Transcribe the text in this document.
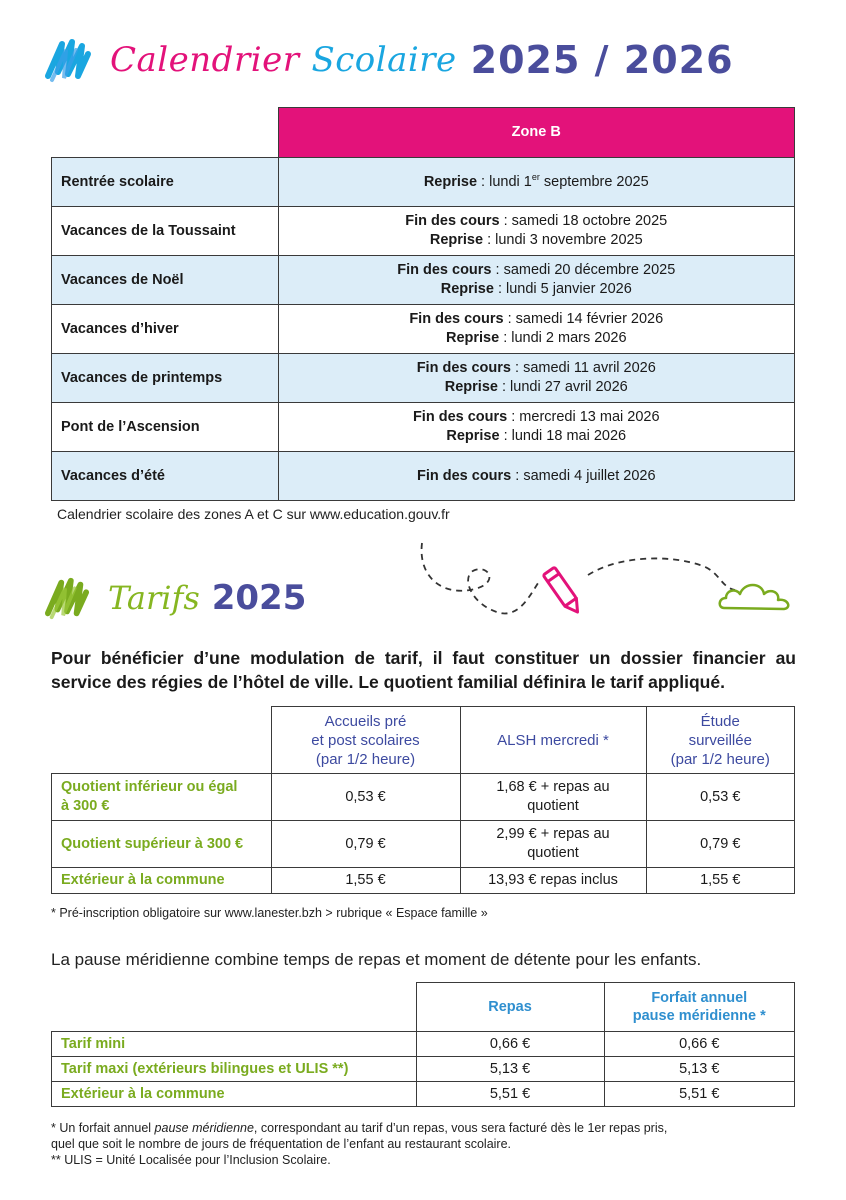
Calendrier Scolaire 2025 / 2026
	Zone B
Rentrée scolaire	Reprise : lundi 1er septembre 2025
Vacances de la Toussaint	Fin des cours : samedi 18 octobre 2025
Reprise : lundi 3 novembre 2025
Vacances de Noël	Fin des cours : samedi 20 décembre 2025
Reprise : lundi 5 janvier 2026
Vacances d’hiver	Fin des cours : samedi 14 février 2026
Reprise : lundi 2 mars 2026
Vacances de printemps	Fin des cours : samedi 11 avril 2026
Reprise : lundi 27 avril 2026
Pont de l’Ascension	Fin des cours : mercredi 13 mai 2026
Reprise : lundi 18 mai 2026
Vacances d’été	Fin des cours : samedi 4 juillet 2026
Calendrier scolaire des zones A et C sur www.education.gouv.fr
Tarifs 2025
Pour bénéficier d’une modulation de tarif, il faut constituer un dossier financier au service des régies de l’hôtel de ville. Le quotient familial définira le tarif appliqué.
	Accueils pré
et post scolaires
(par 1/2 heure)	ALSH mercredi *	Étude
surveillée
(par 1/2 heure)
Quotient inférieur ou égal
à 300 €	0,53 €	1,68 € + repas au
quotient	0,53 €
Quotient supérieur à 300 €	0,79 €	2,99 € + repas au
quotient	0,79 €
Extérieur à la commune	1,55 €	13,93 € repas inclus	1,55 €
* Pré-inscription obligatoire sur www.lanester.bzh > rubrique « Espace famille »
La pause méridienne combine temps de repas et moment de détente pour les enfants.
	Repas	Forfait annuel
pause méridienne *
Tarif mini	0,66 €	0,66 €
Tarif maxi (extérieurs bilingues et ULIS **)	5,13 €	5,13 €
Extérieur à la commune	5,51 €	5,51 €
* Un forfait annuel pause méridienne, correspondant au tarif d’un repas, vous sera facturé dès le 1er repas pris,
quel que soit le nombre de jours de fréquentation de l’enfant au restaurant scolaire.
** ULIS = Unité Localisée pour l’Inclusion Scolaire.
